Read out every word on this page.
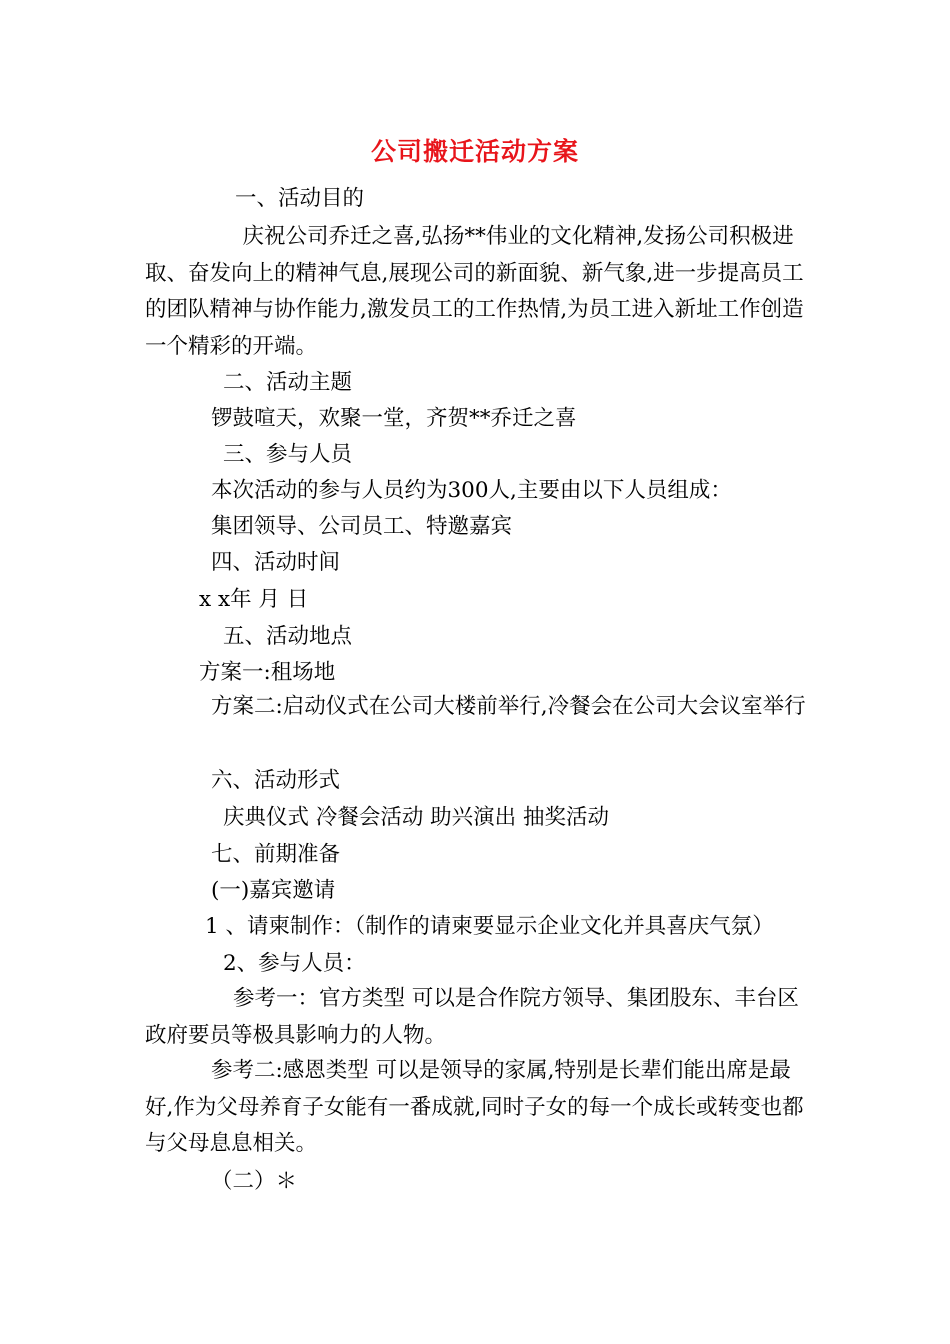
公司搬迁活动方案
一、活动目的
　庆祝公司乔迁之喜,弘扬**伟业的文化精神,发扬公司积极进取、奋发向上的精神气息,展现公司的新面貌、新气象,进一步提高员工的团队精神与协作能力,激发员工的工作热情,为员工进入新址工作创造一个精彩的开端。
二、活动主题
锣鼓喧天，欢聚一堂，齐贺**乔迁之喜
三、参与人员
本次活动的参与人员约为300人,主要由以下人员组成：
集团领导、公司员工、特邀嘉宾
四、活动时间
x x年 月 日
五、活动地点
方案一:租场地
方案二:启动仪式在公司大楼前举行,冷餐会在公司大会议室举行
六、活动形式
庆典仪式 冷餐会活动 助兴演出 抽奖活动
七、前期准备
(一)嘉宾邀请
1 、请柬制作：（制作的请柬要显示企业文化并具喜庆气氛）
2、参与人员：
参考一：官方类型 可以是合作院方领导、集团股东、丰台区政府要员等极具影响力的人物。
参考二:感恩类型 可以是领导的家属,特别是长辈们能出席是最好,作为父母养育子女能有一番成就,同时子女的每一个成长或转变也都与父母息息相关。
（二）＊
